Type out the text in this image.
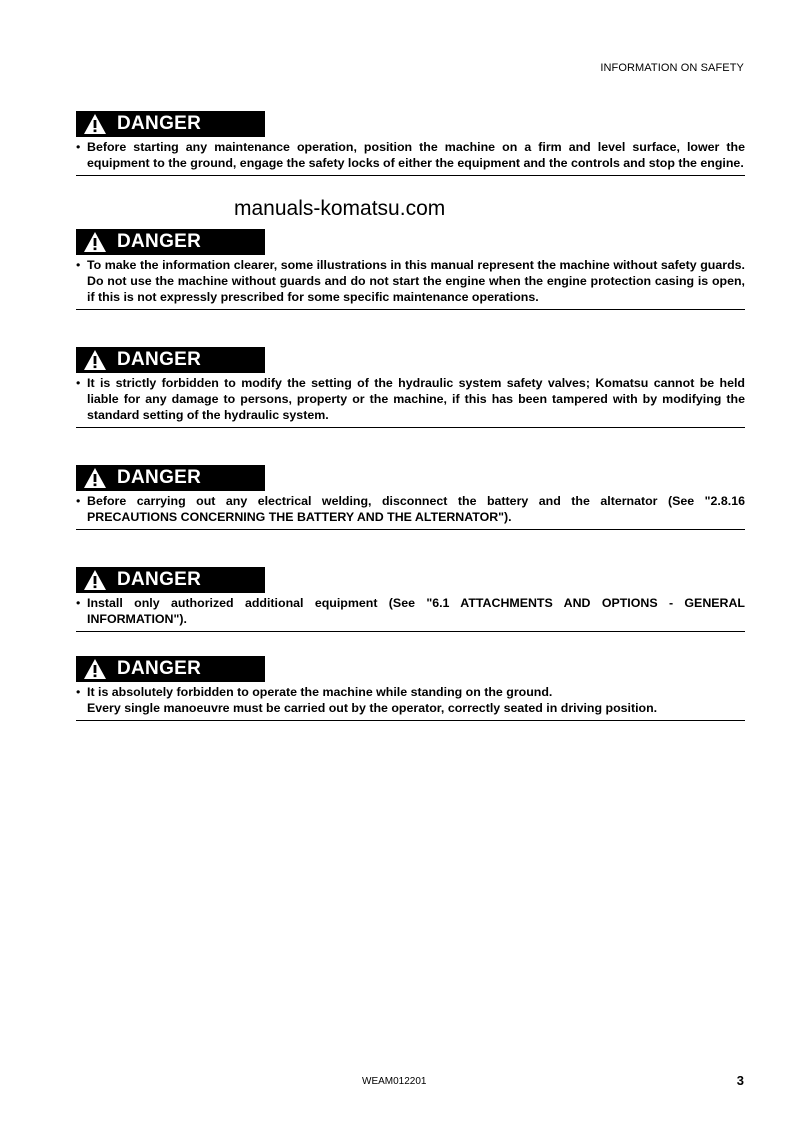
INFORMATION ON SAFETY
manuals-komatsu.com
DANGER
• Before starting any maintenance operation, position the machine on a firm and level surface, lower the equipment to the ground, engage the safety locks of either the equipment and the controls and stop the engine.
DANGER
• To make the information clearer, some illustrations in this manual represent the machine without safety guards. Do not use the machine without guards and do not start the engine when the engine protection casing is open, if this is not expressly prescribed for some specific maintenance operations.
DANGER
• It is strictly forbidden to modify the setting of the hydraulic system safety valves; Komatsu cannot be held liable for any damage to persons, property or the machine, if this has been tampered with by modifying the standard setting of the hydraulic system.
DANGER
• Before carrying out any electrical welding, disconnect the battery and the alternator (See "2.8.16 PRECAUTIONS CONCERNING THE BATTERY AND THE ALTERNATOR").
DANGER
• Install only authorized additional equipment (See "6.1 ATTACHMENTS AND OPTIONS - GENERAL INFORMATION").
DANGER
• It is absolutely forbidden to operate the machine while standing on the ground.
Every single manoeuvre must be carried out by the operator, correctly seated in driving position.
WEAM012201	3
